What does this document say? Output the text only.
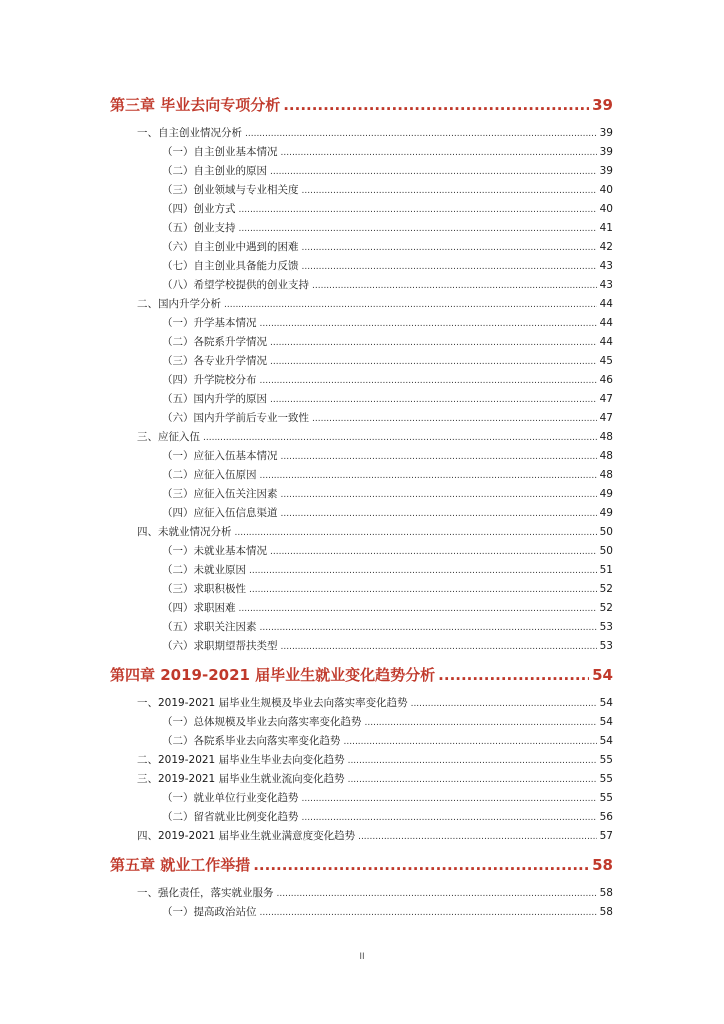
第三章 毕业去向专项分析 .....	39
一、自主创业情况分析 .....	39
（一）自主创业基本情况 .....	39
（二）自主创业的原因 .....	39
（三）创业领域与专业相关度 .....	40
（四）创业方式 .....	40
（五）创业支持 .....	41
（六）自主创业中遇到的困难 .....	42
（七）自主创业具备能力反馈 .....	43
（八）希望学校提供的创业支持 .....	43
二、国内升学分析 .....	44
（一）升学基本情况 .....	44
（二）各院系升学情况 .....	44
（三）各专业升学情况 .....	45
（四）升学院校分布 .....	46
（五）国内升学的原因 .....	47
（六）国内升学前后专业一致性 .....	47
三、应征入伍 .....	48
（一）应征入伍基本情况 .....	48
（二）应征入伍原因 .....	48
（三）应征入伍关注因素 .....	49
（四）应征入伍信息渠道 .....	49
四、未就业情况分析 .....	50
（一）未就业基本情况 .....	50
（二）未就业原因 .....	51
（三）求职积极性 .....	52
（四）求职困难 .....	52
（五）求职关注因素 .....	53
（六）求职期望帮扶类型 .....	53
第四章 2019-2021 届毕业生就业变化趋势分析 .....	54
一、2019-2021 届毕业生规模及毕业去向落实率变化趋势 .....	54
（一）总体规模及毕业去向落实率变化趋势 .....	54
（二）各院系毕业去向落实率变化趋势 .....	54
二、2019-2021 届毕业生毕业去向变化趋势 .....	55
三、2019-2021 届毕业生就业流向变化趋势 .....	55
（一）就业单位行业变化趋势 .....	55
（二）留省就业比例变化趋势 .....	56
四、2019-2021 届毕业生就业满意度变化趋势 .....	57
第五章 就业工作举措 .....	58
一、强化责任，落实就业服务 .....	58
（一）提高政治站位 .....	58
II
